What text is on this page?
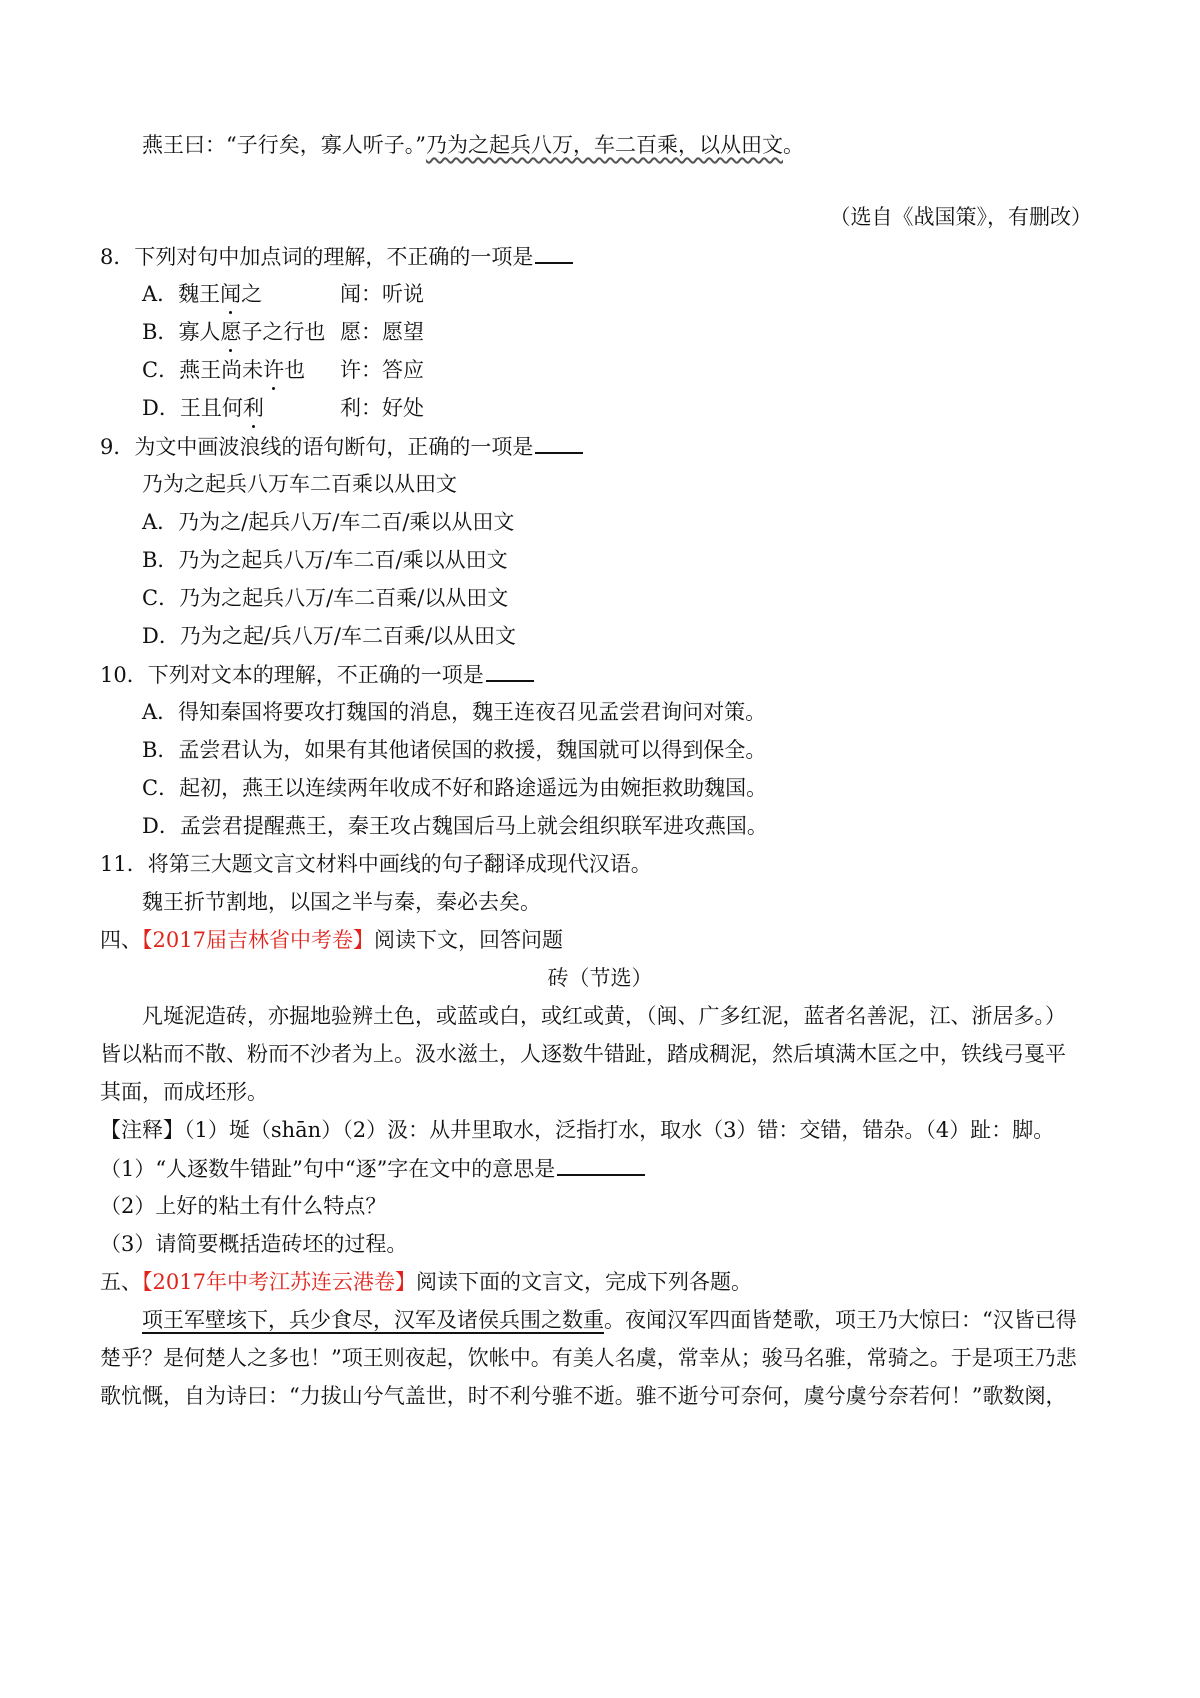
燕王曰：“子行矣，寡人听子。”乃为之起兵八万，车二百乘，以从田文。
（选自《战国策》，有删改）
8．下列对句中加点词的理解，不正确的一项是
A．魏王闻之	闻：听说
B．寡人愿子之行也 愿：愿望
C．燕王尚未许也 许：答应
D．王且何利	利：好处
9．为文中画波浪线的语句断句，正确的一项是
乃为之起兵八万车二百乘以从田文
A．乃为之/起兵八万/车二百/乘以从田文
B．乃为之起兵八万/车二百/乘以从田文
C．乃为之起兵八万/车二百乘/以从田文
D．乃为之起/兵八万/车二百乘/以从田文
10．下列对文本的理解，不正确的一项是
A．得知秦国将要攻打魏国的消息，魏王连夜召见孟尝君询问对策。
B．孟尝君认为，如果有其他诸侯国的救援，魏国就可以得到保全。
C．起初，燕王以连续两年收成不好和路途遥远为由婉拒救助魏国。
D．孟尝君提醒燕王，秦王攻占魏国后马上就会组织联军进攻燕国。
11．将第三大题文言文材料中画线的句子翻译成现代汉语。
魏王折节割地，以国之半与秦，秦必去矣。
四、【2017届吉林省中考卷】阅读下文，回答问题
砖（节选）
凡埏泥造砖，亦掘地验辨土色，或蓝或白，或红或黄，（闽、广多红泥，蓝者名善泥，江、浙居多。）
皆以粘而不散、粉而不沙者为上。汲水滋土，人逐数牛错趾，踏成稠泥，然后填满木匡之中，铁线弓戛平
其面，而成坯形。
【注释】（1）埏（shān）（2）汲：从井里取水，泛指打水，取水（3）错：交错，错杂。（4）趾：脚。
（1）“人逐数牛错趾”句中“逐”字在文中的意思是
（2）上好的粘土有什么特点？
（3）请简要概括造砖坯的过程。
五、【2017年中考江苏连云港卷】阅读下面的文言文，完成下列各题。
项王军壁垓下，兵少食尽，汉军及诸侯兵围之数重。夜闻汉军四面皆楚歌，项王乃大惊曰：“汉皆已得
楚乎？是何楚人之多也！”项王则夜起，饮帐中。有美人名虞，常幸从；骏马名骓，常骑之。于是项王乃悲
歌忼慨，自为诗曰：“力拔山兮气盖世，时不利兮骓不逝。骓不逝兮可奈何，虞兮虞兮奈若何！”歌数阕，
